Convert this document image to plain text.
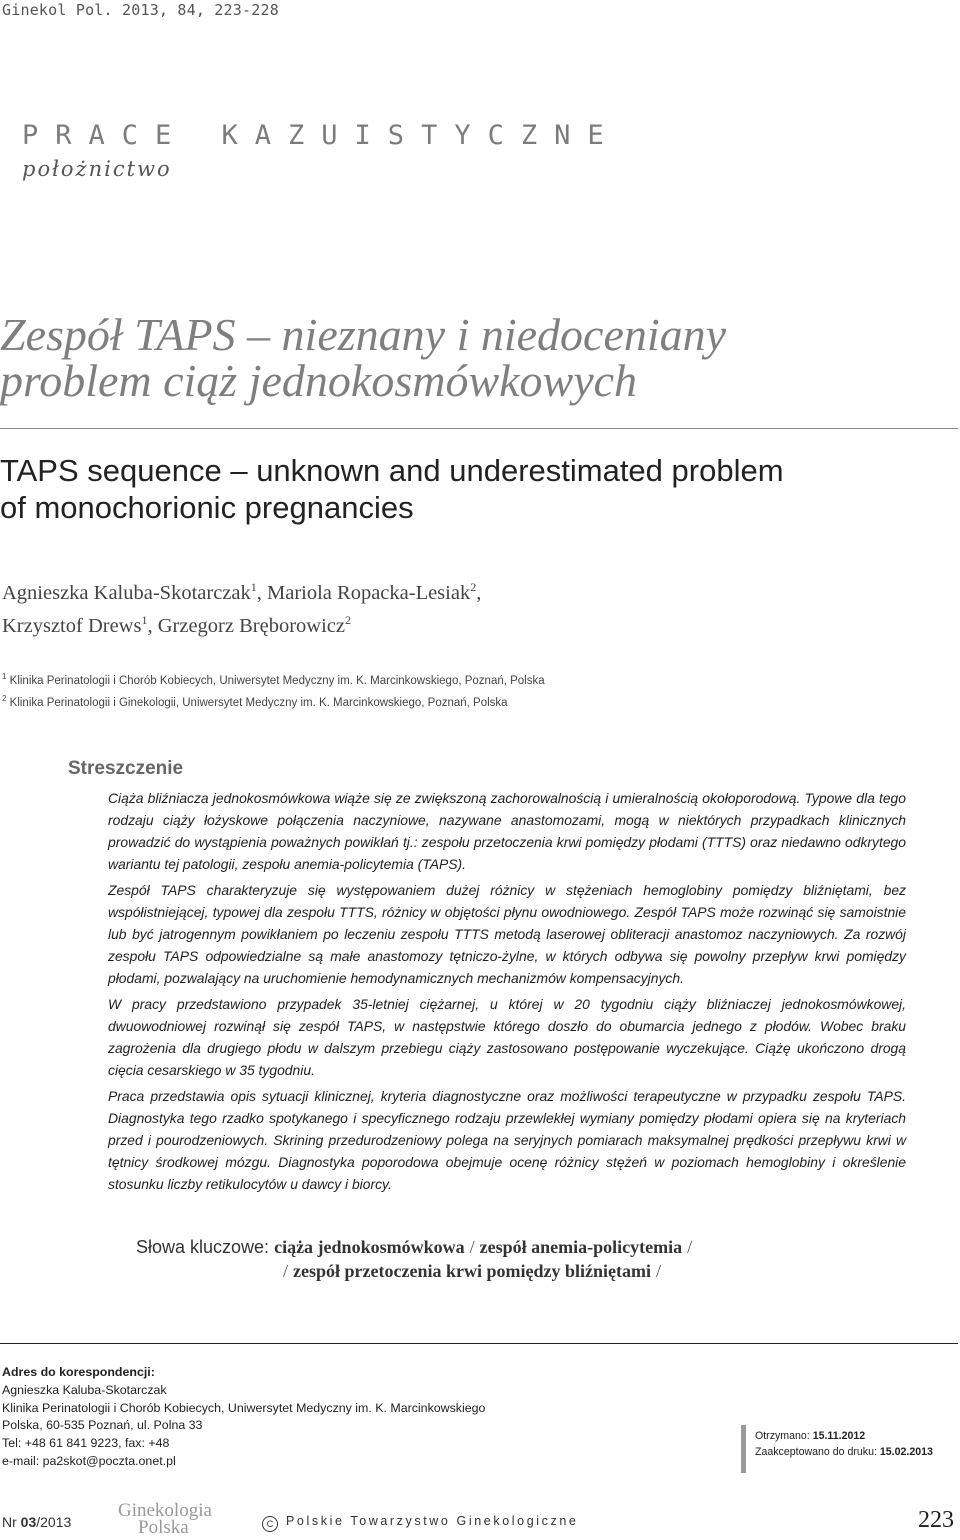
Ginekol Pol. 2013, 84, 223-228
PRACE KAZUISTYCZNE
położnictwo
Zespół TAPS – nieznany i niedoceniany
problem ciąż jednokosmówkowych
TAPS sequence – unknown and underestimated problem
of monochorionic pregnancies
Agnieszka Kaluba-Skotarczak$^1$, Mariola Ropacka-Lesiak$^2$,
Krzysztof Drews$^1$, Grzegorz Bręborowicz$^2$
$^1$ Klinika Perinatologii i Chorób Kobiecych, Uniwersytet Medyczny im. K. Marcinkowskiego, Poznań, Polska
$^2$ Klinika Perinatologii i Ginekologii, Uniwersytet Medyczny im. K. Marcinkowskiego, Poznań, Polska
Streszczenie

Ciąża bliźniacza jednokosmówkowa wiąże się ze zwiększoną zachorowalnością i umieralnością okołoporodową. Typowe dla tego rodzaju ciąży łożyskowe połączenia naczyniowe, nazywane anastomozami, mogą w niektórych przypadkach klinicznych prowadzić do wystąpienia poważnych powikłań tj.: zespołu przetoczenia krwi pomiędzy płodami (TTTS) oraz niedawno odkrytego wariantu tej patologii, zespołu anemia-policytemia (TAPS).

Zespół TAPS charakteryzuje się występowaniem dużej różnicy w stężeniach hemoglobiny pomiędzy bliźniętami, bez współistniejącej, typowej dla zespołu TTTS, różnicy w objętości płynu owodniowego. Zespół TAPS może rozwinąć się samoistnie lub być jatrogennym powikłaniem po leczeniu zespołu TTTS metodą laserowej obliteracji anastomoz naczyniowych. Za rozwój zespołu TAPS odpowiedzialne są małe anastomozy tętniczo-żylne, w których odbywa się powolny przepływ krwi pomiędzy płodami, pozwalający na uruchomienie hemodynamicznych mechanizmów kompensacyjnych.

W pracy przedstawiono przypadek 35-letniej ciężarnej, u której w 20 tygodniu ciąży bliźniaczej jednokosmówkowej, dwuowodniowej rozwinął się zespół TAPS, w następstwie którego doszło do obumarcia jednego z płodów. Wobec braku zagrożenia dla drugiego płodu w dalszym przebiegu ciąży zastosowano postępowanie wyczekujące. Ciążę ukończono drogą cięcia cesarskiego w 35 tygodniu.

Praca przedstawia opis sytuacji klinicznej, kryteria diagnostyczne oraz możliwości terapeutyczne w przypadku zespołu TAPS. Diagnostyka tego rzadko spotykanego i specyficznego rodzaju przewlekłej wymiany pomiędzy płodami opiera się na kryteriach przed i pourodzeniowych. Skrining przedurodzeniowy polega na seryjnych pomiarach maksymalnej prędkości przepływu krwi w tętnicy środkowej mózgu. Diagnostyka poporodowa obejmuje ocenę różnicy stężeń w poziomach hemoglobiny i określenie stosunku liczby retikulocytów u dawcy i biorcy.

Słowa kluczowe: ciąża jednokosmówkowa / zespół anemia-policytemia /
/ zespół przetoczenia krwi pomiędzy bliźniętami /
Adres do korespondencji:
Agnieszka Kaluba-Skotarczak
Klinika Perinatologii i Chorób Kobiecych, Uniwersytet Medyczny im. K. Marcinkowskiego
Polska, 60-535 Poznań, ul. Polna 33
Tel: +48 61 841 9223, fax: +48
e-mail: pa2skot@poczta.onet.pl
Otrzymano: 15.11.2012
Zaakceptowano do druku: 15.02.2013
Nr 03/2013
Ginekologia
Polska	C Polskie Towarzystwo Ginekologiczne	223
